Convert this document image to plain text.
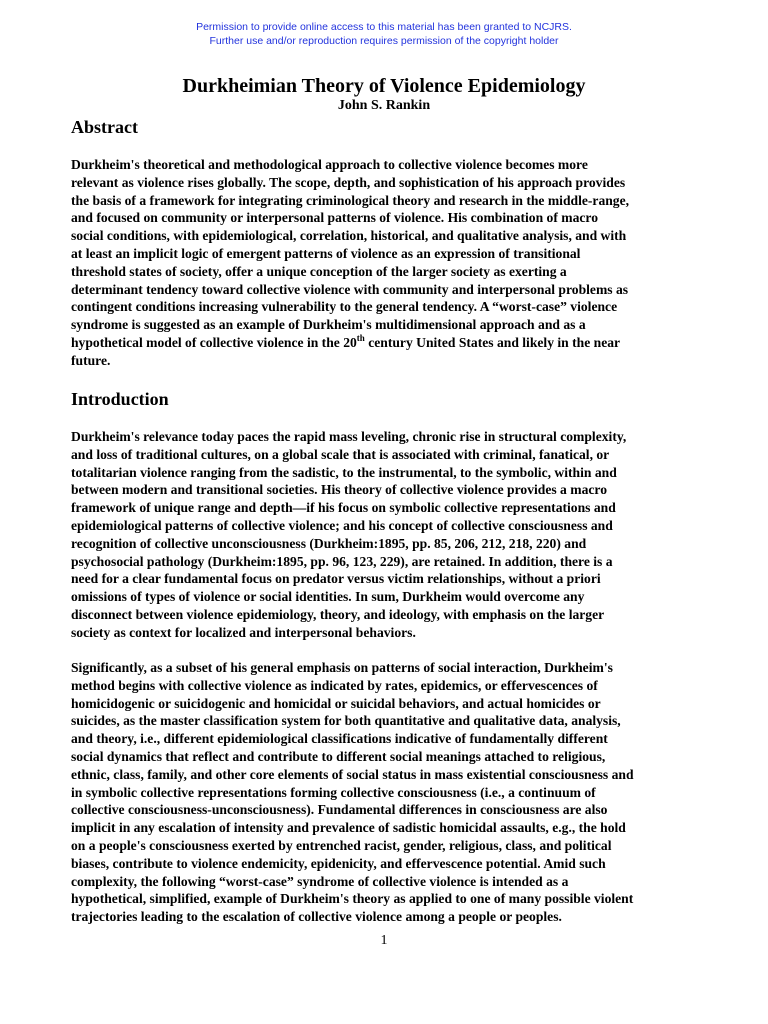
Permission to provide online access to this material has been granted to NCJRS.
Further use and/or reproduction requires permission of the copyright holder
Durkheimian Theory of Violence Epidemiology
John S. Rankin
Abstract
Durkheim's theoretical and methodological approach to collective violence becomes more
relevant as violence rises globally. The scope, depth, and sophistication of his approach provides
the basis of a framework for integrating criminological theory and research in the middle-range,
and focused on community or interpersonal patterns of violence. His combination of macro
social conditions, with epidemiological, correlation, historical, and qualitative analysis, and with
at least an implicit logic of emergent patterns of violence as an expression of transitional
threshold states of society, offer a unique conception of the larger society as exerting a
determinant tendency toward collective violence with community and interpersonal problems as
contingent conditions increasing vulnerability to the general tendency. A “worst-case” violence
syndrome is suggested as an example of Durkheim's multidimensional approach and as a
hypothetical model of collective violence in the 20th century United States and likely in the near
future.
Introduction
Durkheim's relevance today paces the rapid mass leveling, chronic rise in structural complexity,
and loss of traditional cultures, on a global scale that is associated with criminal, fanatical, or
totalitarian violence ranging from the sadistic, to the instrumental, to the symbolic, within and
between modern and transitional societies. His theory of collective violence provides a macro
framework of unique range and depth—if his focus on symbolic collective representations and
epidemiological patterns of collective violence; and his concept of collective consciousness and
recognition of collective unconsciousness (Durkheim:1895, pp. 85, 206, 212, 218, 220) and
psychosocial pathology (Durkheim:1895, pp. 96, 123, 229), are retained. In addition, there is a
need for a clear fundamental focus on predator versus victim relationships, without a priori
omissions of types of violence or social identities. In sum, Durkheim would overcome any
disconnect between violence epidemiology, theory, and ideology, with emphasis on the larger
society as context for localized and interpersonal behaviors.
Significantly, as a subset of his general emphasis on patterns of social interaction, Durkheim's
method begins with collective violence as indicated by rates, epidemics, or effervescences of
homicidogenic or suicidogenic and homicidal or suicidal behaviors, and actual homicides or
suicides, as the master classification system for both quantitative and qualitative data, analysis,
and theory, i.e., different epidemiological classifications indicative of fundamentally different
social dynamics that reflect and contribute to different social meanings attached to religious,
ethnic, class, family, and other core elements of social status in mass existential consciousness and
in symbolic collective representations forming collective consciousness (i.e., a continuum of
collective consciousness-unconsciousness). Fundamental differences in consciousness are also
implicit in any escalation of intensity and prevalence of sadistic homicidal assaults, e.g., the hold
on a people's consciousness exerted by entrenched racist, gender, religious, class, and political
biases, contribute to violence endemicity, epidenicity, and effervescence potential. Amid such
complexity, the following “worst-case” syndrome of collective violence is intended as a
hypothetical, simplified, example of Durkheim's theory as applied to one of many possible violent
trajectories leading to the escalation of collective violence among a people or peoples.
1
